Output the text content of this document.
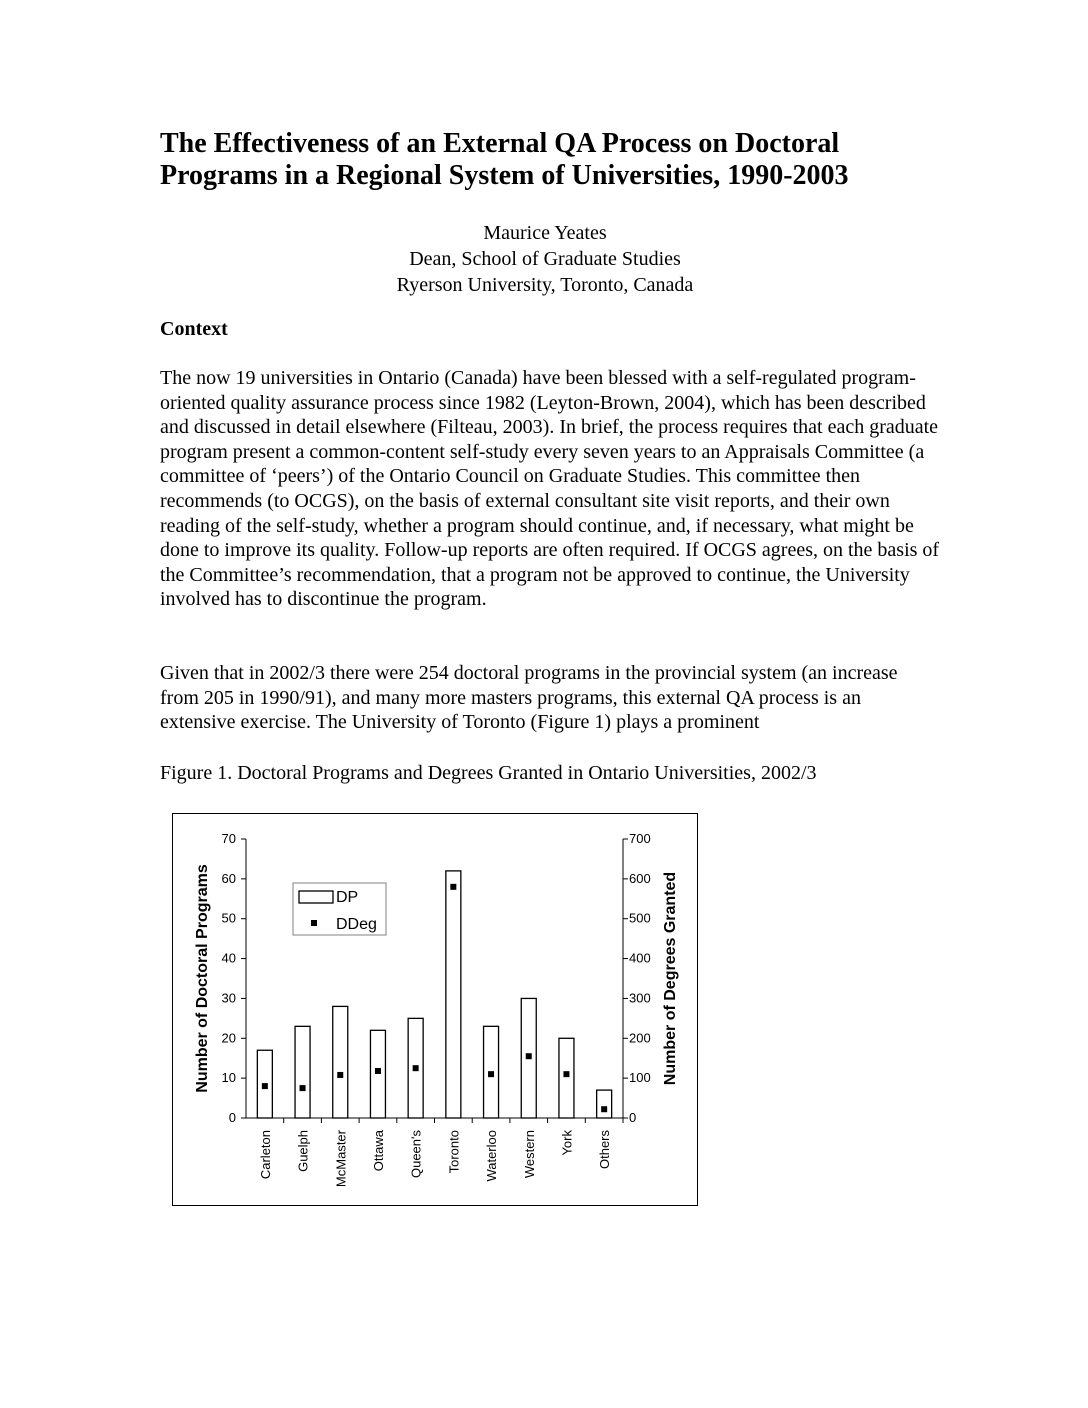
The Effectiveness of an External QA Process on Doctoral Programs in a Regional System of Universities, 1990-2003
Maurice Yeates
Dean, School of Graduate Studies
Ryerson University, Toronto, Canada
Context

The now 19 universities in Ontario (Canada) have been blessed with a self-regulated program-oriented quality assurance process since 1982 (Leyton-Brown, 2004), which has been described and discussed in detail elsewhere (Filteau, 2003). In brief, the process requires that each graduate program present a common-content self-study every seven years to an Appraisals Committee (a committee of ‘peers’) of the Ontario Council on Graduate Studies. This committee then recommends (to OCGS), on the basis of external consultant site visit reports, and their own reading of the self-study, whether a program should continue, and, if necessary, what might be done to improve its quality. Follow-up reports are often required. If OCGS agrees, on the basis of the Committee’s recommendation, that a program not be approved to continue, the University involved has to discontinue the program.

Given that in 2002/3 there were 254 doctoral programs in the provincial system (an increase from 205 in 1990/91), and many more masters programs, this external QA process is an extensive exercise. The University of Toronto (Figure 1) plays a prominent

Figure 1. Doctoral Programs and Degrees Granted in Ontario Universities, 2002/3

0
10
20
30
40
50
60
70
0
100
200
300
400
500
600
700
Carleton Guelph McMaster Ottawa Queen's Toronto Waterloo Western York Others
Number of Doctoral Programs	Number of Degrees Granted
DP
DDeg
